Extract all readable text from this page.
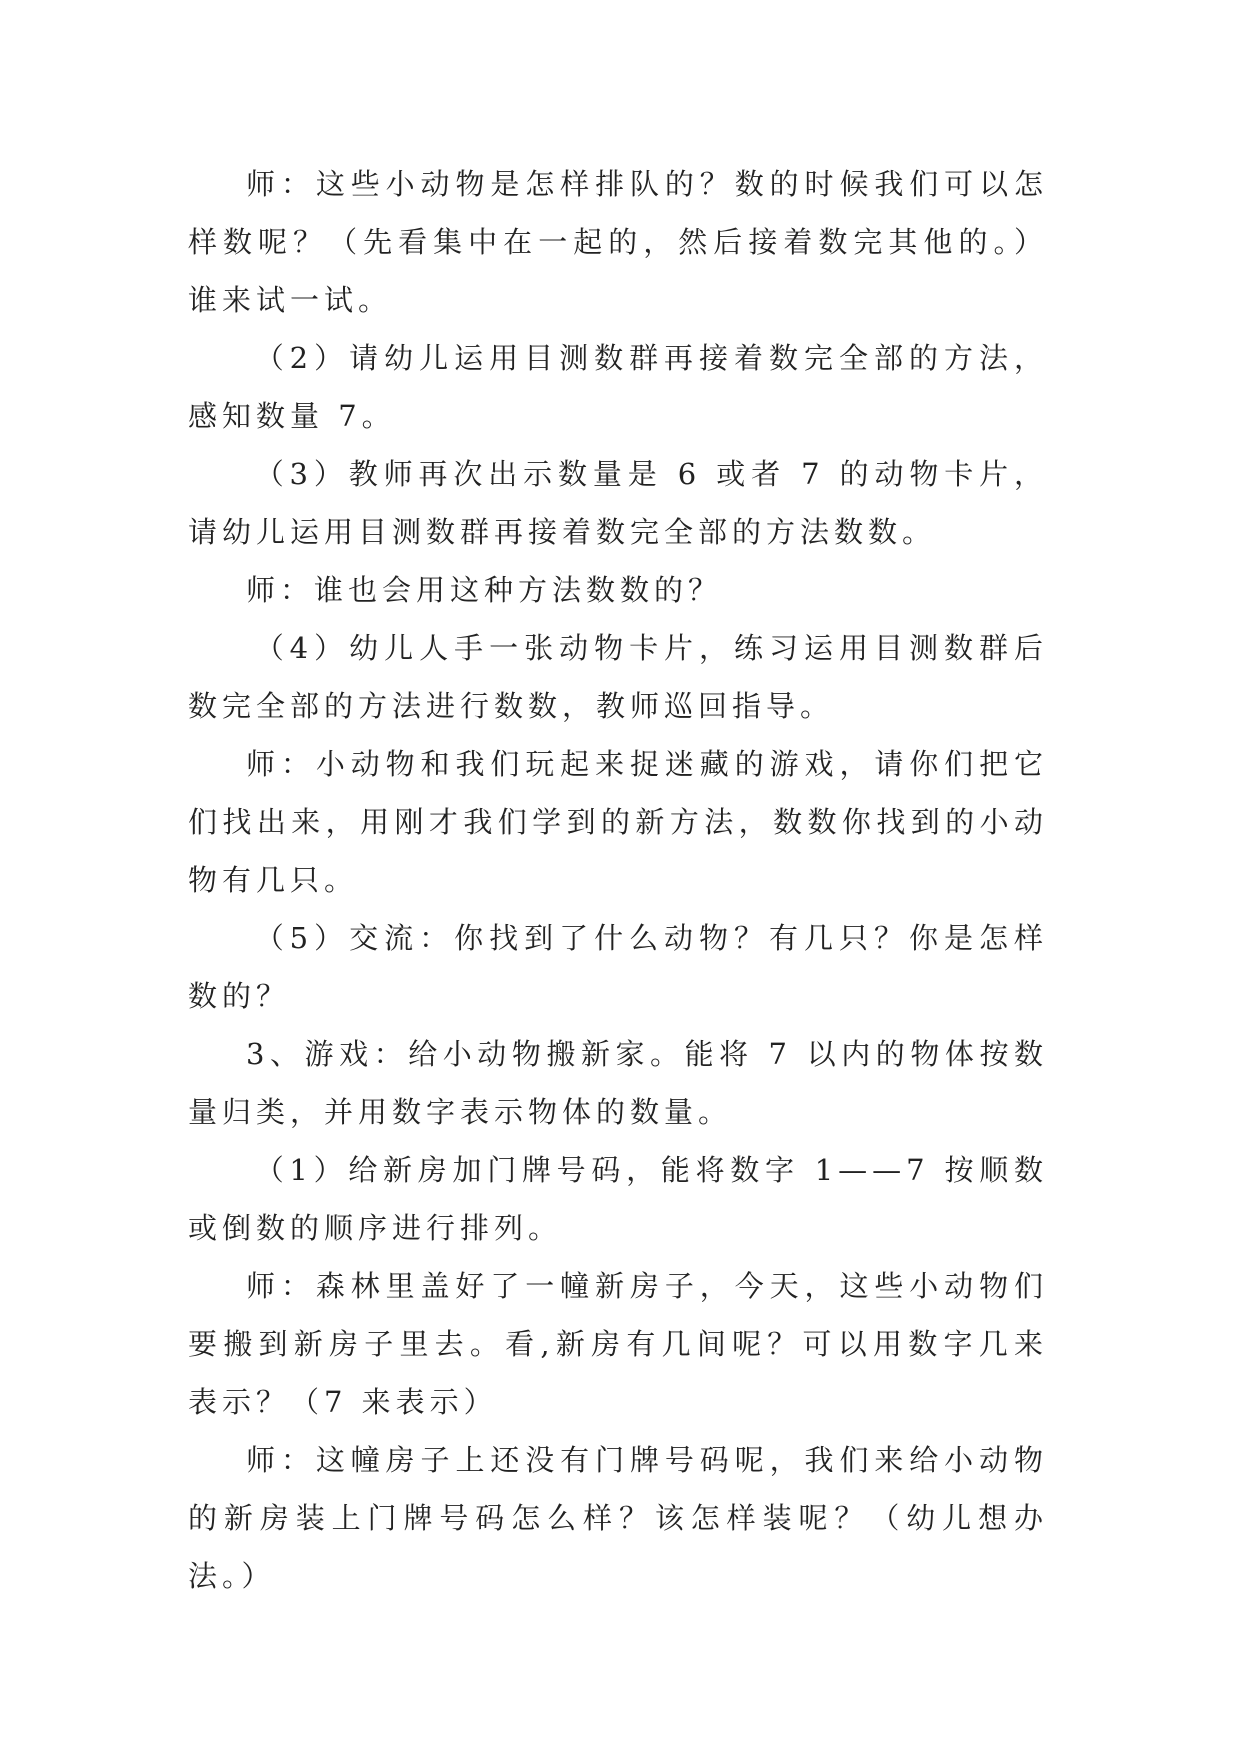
师：这些小动物是怎样排队的？数的时候我们可以怎样数呢？（先看集中在一起的，然后接着数完其他的。）谁来试一试。

（2）请幼儿运用目测数群再接着数完全部的方法，感知数量 7。

（3）教师再次出示数量是 6 或者 7 的动物卡片，请幼儿运用目测数群再接着数完全部的方法数数。

师：谁也会用这种方法数数的？

（4）幼儿人手一张动物卡片，练习运用目测数群后数完全部的方法进行数数，教师巡回指导。

师：小动物和我们玩起来捉迷藏的游戏，请你们把它们找出来，用刚才我们学到的新方法，数数你找到的小动物有几只。

（5）交流：你找到了什么动物？有几只？你是怎样数的？

3、游戏：给小动物搬新家。能将 7 以内的物体按数量归类，并用数字表示物体的数量。

（1）给新房加门牌号码，能将数字 1——7 按顺数或倒数的顺序进行排列。

师：森林里盖好了一幢新房子，今天，这些小动物们要搬到新房子里去。看,新房有几间呢？可以用数字几来表示？（7 来表示）

师：这幢房子上还没有门牌号码呢，我们来给小动物的新房装上门牌号码怎么样？该怎样装呢？（幼儿想办法。）
